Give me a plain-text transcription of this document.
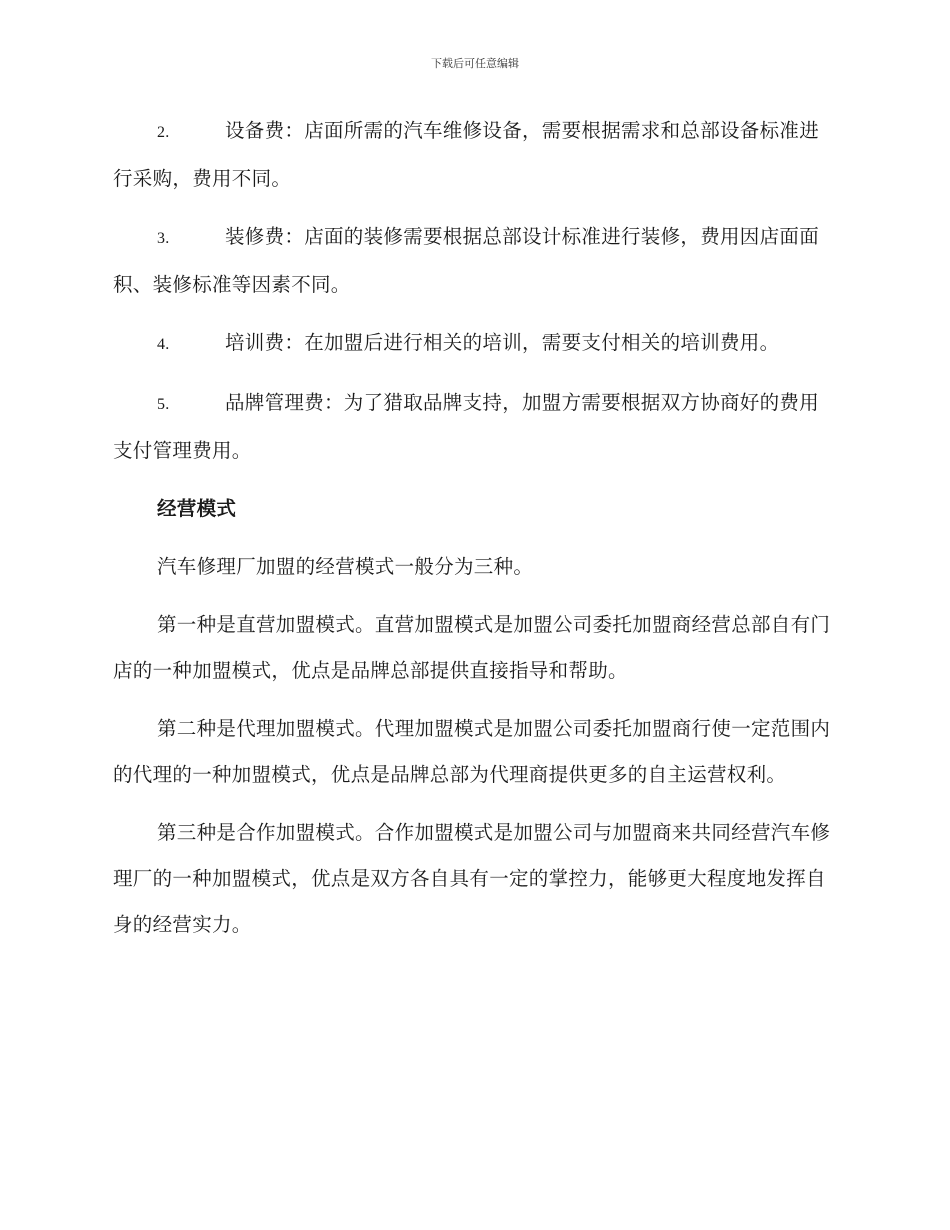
下载后可任意编辑

2.	设备费：店面所需的汽车维修设备，需要根据需求和总部设备标准进行采购，费用不同。

3.	装修费：店面的装修需要根据总部设计标准进行装修，费用因店面面积、装修标准等因素不同。

4.	培训费：在加盟后进行相关的培训，需要支付相关的培训费用。

5.	品牌管理费：为了猎取品牌支持，加盟方需要根据双方协商好的费用支付管理费用。

经营模式

汽车修理厂加盟的经营模式一般分为三种。

第一种是直营加盟模式。直营加盟模式是加盟公司委托加盟商经营总部自有门店的一种加盟模式，优点是品牌总部提供直接指导和帮助。

第二种是代理加盟模式。代理加盟模式是加盟公司委托加盟商行使一定范围内的代理的一种加盟模式，优点是品牌总部为代理商提供更多的自主运营权利。

第三种是合作加盟模式。合作加盟模式是加盟公司与加盟商来共同经营汽车修理厂的一种加盟模式，优点是双方各自具有一定的掌控力，能够更大程度地发挥自身的经营实力。
